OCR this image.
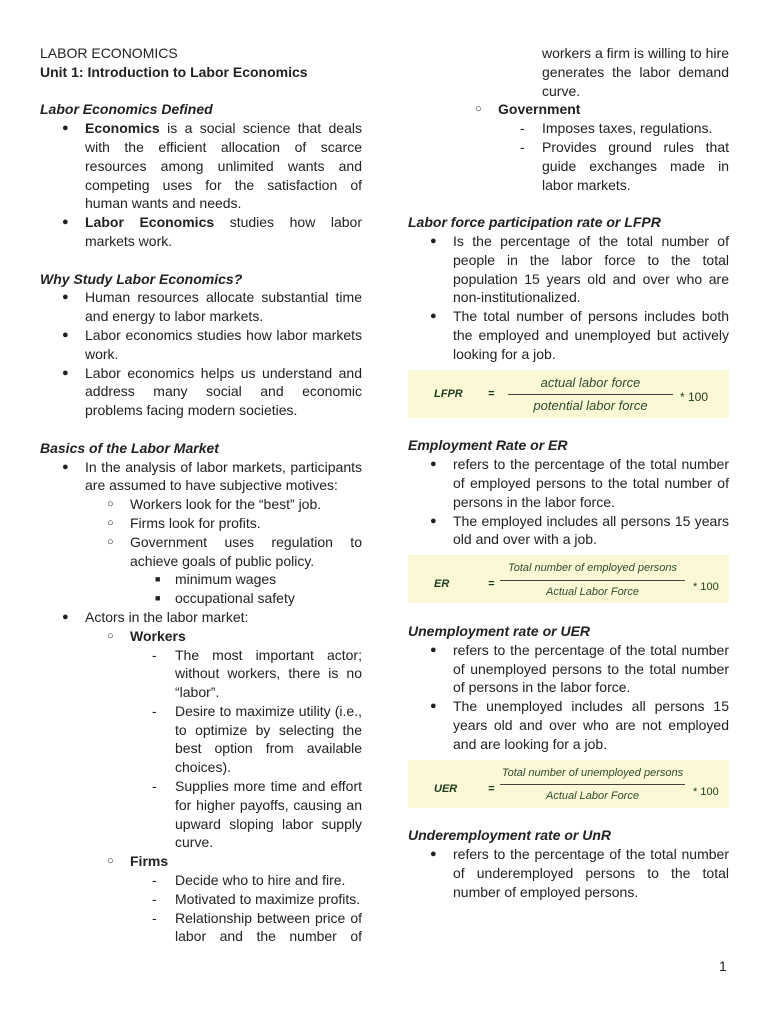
LABOR ECONOMICS

Unit 1: Introduction to Labor Economics

Labor Economics Defined

● Economics is a social science that deals with the efficient allocation of scarce resources among unlimited wants and competing uses for the satisfaction of human wants and needs.
● Labor Economics studies how labor markets work.

Why Study Labor Economics?

● Human resources allocate substantial time and energy to labor markets.
● Labor economics studies how labor markets work.
● Labor economics helps us understand and address many social and economic problems facing modern societies.

Basics of the Labor Market

● In the analysis of labor markets, participants are assumed to have subjective motives:
○ Workers look for the “best” job.
○ Firms look for profits.
○ Government uses regulation to achieve goals of public policy.
■ minimum wages
■ occupational safety
● Actors in the labor market:
○ Workers
- The most important actor; without workers, there is no “labor”.
- Desire to maximize utility (i.e., to optimize by selecting the best option from available choices).
- Supplies more time and effort for higher payoffs, causing an upward sloping labor supply curve.
○ Firms
- Decide who to hire and fire.
- Motivated to maximize profits.
- Relationship between price of labor and the number of
workers a firm is willing to hire generates the labor demand curve.
○ Government
- Imposes taxes, regulations.
- Provides ground rules that guide exchanges made in labor markets.

Labor force participation rate or LFPR

● Is the percentage of the total number of people in the labor force to the total population 15 years old and over who are non-institutionalized.
● The total number of persons includes both the employed and unemployed but actively looking for a job.
LFPR =
actual labor force
potential labor force
* 100

Employment Rate or ER

● refers to the percentage of the total number of employed persons to the total number of persons in the labor force.
● The employed includes all persons 15 years old and over with a job.
ER	=
Total number of employed persons
Actual Labor Force	* 100

Unemployment rate or UER

● refers to the percentage of the total number of unemployed persons to the total number of persons in the labor force.
● The unemployed includes all persons 15 years old and over who are not employed and are looking for a job.
UER	=
Total number of unemployed persons
Actual Labor Force	* 100

Underemployment rate or UnR

● refers to the percentage of the total number of underemployed persons to the total number of employed persons.
1
